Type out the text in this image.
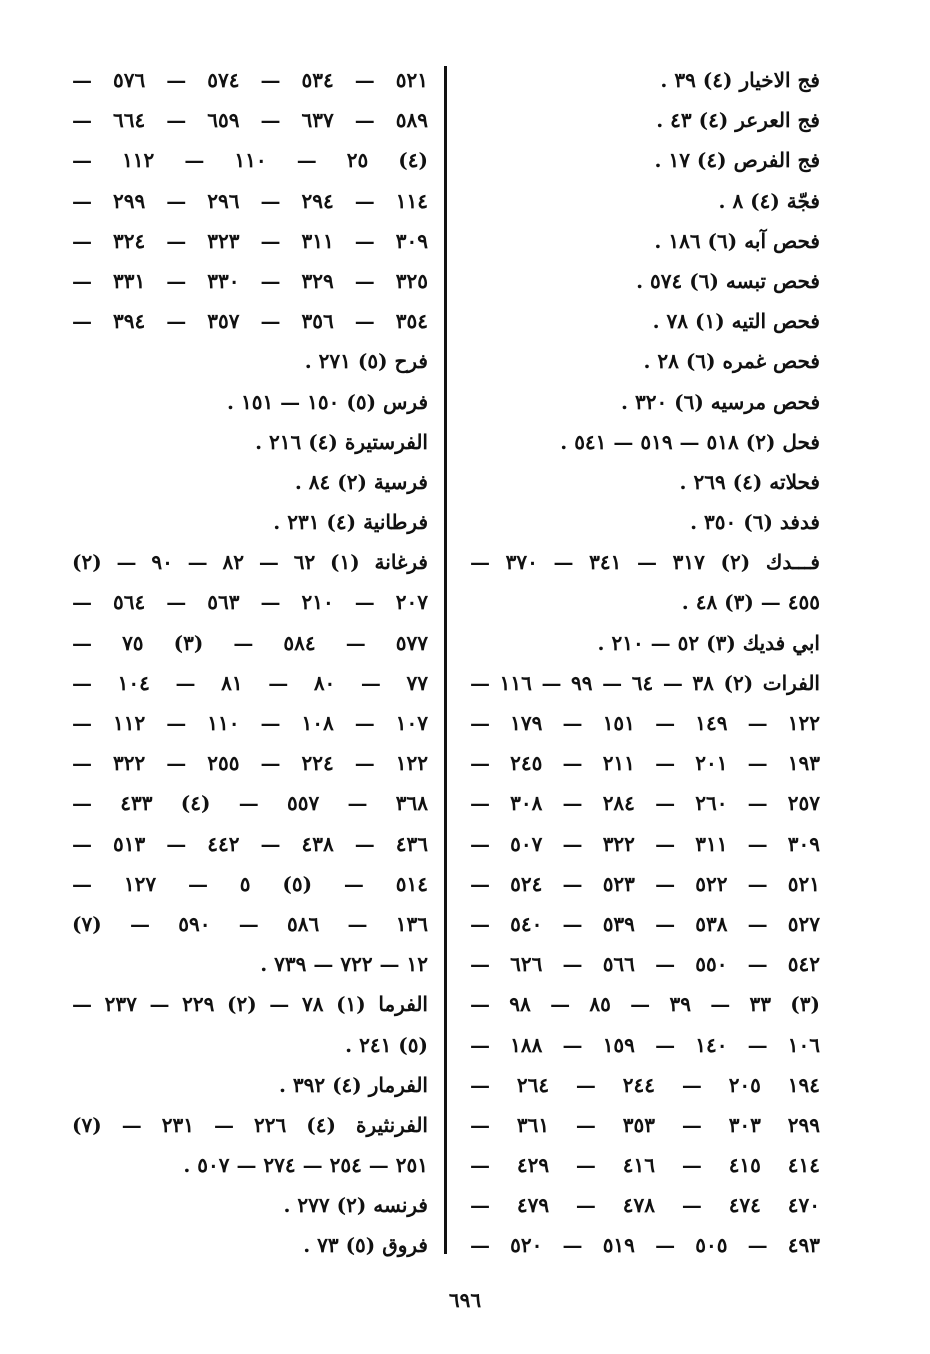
فج الاخيار (٤) ٣٩ .
فج العرعر (٤) ٤٣ .
فج الفرص (٤) ١٧ .
فجّة (٤) ٨ .
فحص آبه (٦) ١٨٦ .
فحص تبسه (٦) ٥٧٤ .
فحص التيه (١) ٧٨ .
فحص غمره (٦) ٢٨ .
فحص مرسيه (٦) ٣٢٠ .
فحل (٢) ٥١٨ — ٥١٩ — ٥٤١ .
فحلاته (٤) ٢٦٩ .
فدفد (٦) ٣٥٠ .
فـــدك (٢) ٣١٧ — ٣٤١ — ٣٧٠ —
٤٥٥ — (٣) ٤٨ .
ابي فديك (٣) ٥٢ — ٢١٠ .
الفرات (٢) ٣٨ — ٦٤ — ٩٩ — ١١٦ —
١٢٢ — ١٤٩ — ١٥١ — ١٧٩ —
١٩٣ — ٢٠١ — ٢١١ — ٢٤٥ —
٢٥٧ — ٢٦٠ — ٢٨٤ — ٣٠٨ —
٣٠٩ — ٣١١ — ٣٢٢ — ٥٠٧ —
٥٢١ — ٥٢٢ — ٥٢٣ — ٥٢٤ —
٥٢٧ — ٥٣٨ — ٥٣٩ — ٥٤٠ —
٥٤٢ — ٥٥٠ — ٥٦٦ — ٦٢٦ —
(٣) ٣٣ — ٣٩ — ٨٥ — ٩٨ —
١٠٦ — ١٤٠ — ١٥٩ — ١٨٨ —
١٩٤ ٢٠٥ — ٢٤٤ — ٢٦٤ —
٢٩٩ ٣٠٣ — ٣٥٣ — ٣٦١ —
٤١٤ ٤١٥ — ٤١٦ — ٤٢٩ —
٤٧٠ ٤٧٤ — ٤٧٨ — ٤٧٩ —
٤٩٣ — ٥٠٥ — ٥١٩ — ٥٢٠ —
٥٢١ — ٥٣٤ — ٥٧٤ — ٥٧٦ —
٥٨٩ — ٦٣٧ — ٦٥٩ — ٦٦٤ —
(٤) ٢٥ — ١١٠ — ١١٢ —
١١٤ — ٢٩٤ — ٢٩٦ — ٢٩٩ —
٣٠٩ — ٣١١ — ٣٢٣ — ٣٢٤ —
٣٢٥ — ٣٢٩ — ٣٣٠ — ٣٣١ —
٣٥٤ — ٣٥٦ — ٣٥٧ — ٣٩٤ —
فرح (٥) ٢٧١ .
فرس (٥) ١٥٠ — ١٥١ .
الفرستيرة (٤) ٢١٦ .
فرسية (٢) ٨٤ .
فرطانية (٤) ٢٣١ .
فرغانة (١) ٦٢ — ٨٢ — ٩٠ — (٢)
٢٠٧ — ٢١٠ — ٥٦٣ — ٥٦٤ —
٥٧٧ — ٥٨٤ — (٣) ٧٥ —
٧٧ — ٨٠ — ٨١ — ١٠٤ —
١٠٧ — ١٠٨ — ١١٠ — ١١٢ —
١٢٢ — ٢٢٤ — ٢٥٥ — ٣٢٢ —
٣٦٨ — ٥٥٧ — (٤) ٤٣٣ —
٤٣٦ — ٤٣٨ — ٤٤٢ — ٥١٣ —
٥١٤ — (٥) ٥ — ١٢٧ —
١٣٦ — ٥٨٦ — ٥٩٠ — (٧)
١٢ — ٧٢٢ — ٧٣٩ .
الفرما (١) ٧٨ — (٢) ٢٢٩ — ٢٣٧ —
(٥) ٢٤١ .
الفرمار (٤) ٣٩٢ .
الفرنثيرة (٤) ٢٢٦ — ٢٣١ — (٧)
٢٥١ — ٢٥٤ — ٢٧٤ — ٥٠٧ .
فرنسه (٢) ٢٧٧ .
فروق (٥) ٧٣ .
٦٩٦
